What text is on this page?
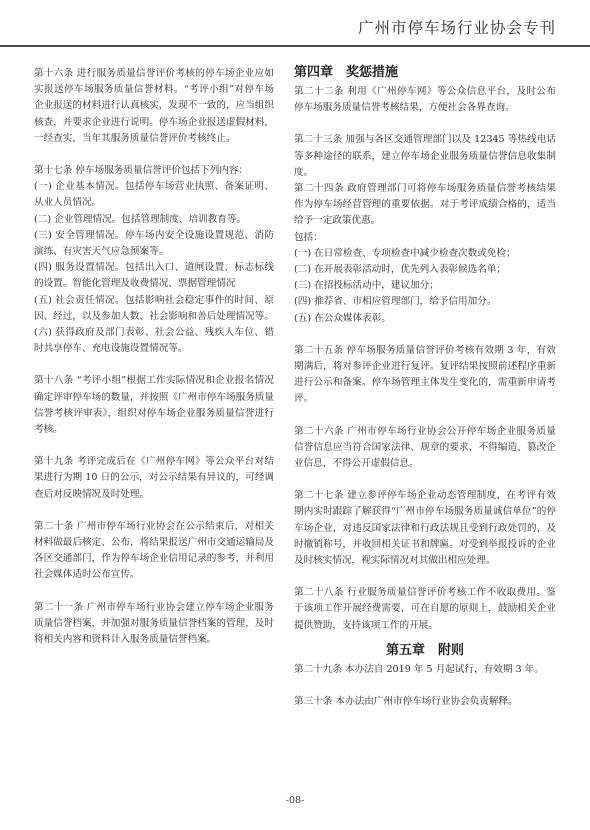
广州市停车场行业协会专刊

第十六条 进行服务质量信誉评价考核的停车场企业应如实报送停车场服务质量信誉材料。“考评小组”对停车场企业报送的材料进行认真核实，发现不一致的，应当组织核查，并要求企业进行说明。停车场企业报送虚假材料，一经查实，当年其服务质量信誉评价考核终止。

第十七条 停车场服务质量信誉评价包括下列内容：

(一) 企业基本情况。包括停车场营业执照、备案证明、从业人员情况。

(二) 企业管理情况。包括管理制度、培训教育等。

(三) 安全管理情况。停车场内安全设施设置规范、消防演练、有灾害天气应急预案等。

(四) 服务设置情况。包括出入口、道闸设置、标志标线的设置。智能化管理及收费情况、票据管理情况

(五) 社会责任情况。包括影响社会稳定事件的时间、原因、经过，以及参加人数、社会影响和善后处理情况等。

(六) 获得政府及部门表彰、社会公益、残疾人车位、错时共享停车、充电设施设置情况等。

第十八条 “考评小组”根据工作实际情况和企业报名情况确定评审停车场的数量，并按照《广州市停车场服务质量信誉考核评审表》，组织对停车场企业服务质量信誉进行考核。

第十九条 考评完成后在《广州停车网》等公众平台对结果进行为期 10 日的公示，对公示结果有异议的，可经调查后对反映情况及时处理。

第二十条 广州市停车场行业协会在公示结束后，对相关材料做最后核定、公布，将结果报送广州市交通运输局及各区交通部门，作为停车场企业信用记录的参考，并利用社会媒体适时公布宣传。

第二十一条 广州市停车场行业协会建立停车场企业服务质量信誉档案，并加强对服务质量信誉档案的管理，及时将相关内容和资料计入服务质量信誉档案。

第四章　奖惩措施

第二十二条 利用《广州停车网》等公众信息平台，及时公布停车场服务质量信誉考核结果，方便社会各界查询。

第二十三条 加强与各区交通管理部门以及 12345 等热线电话等多种途径的联系，建立停车场企业服务质量信誉信息收集制度。

第二十四条 政府管理部门可将停车场服务质量信誉考核结果作为停车场经营管理的重要依据。对于考评成绩合格的，适当给予一定政策优惠。

包括：

(一) 在日常检查、专项检查中减少检查次数或免检；

(二) 在开展表彰活动时，优先列入表彰候选名单；

(三) 在招投标活动中，建议加分；

(四) 推荐省、市相应管理部门，给予信用加分。

(五) 在公众媒体表彰。

第二十五条 停车场服务质量信誉评价考核有效期 3 年，有效期满后，将对参评企业进行复评。复评结果按照前述程序重新进行公示和备案。停车场管理主体发生变化的，需重新申请考评。

第二十六条 广州市停车场行业协会公开停车场企业服务质量信誉信息应当符合国家法律、规章的要求，不得编造、篡改企业信息，不得公开虚假信息。

第二十七条 建立参评停车场企业动态管理制度，在考评有效期内实时跟踪了解获得“广州市停车场服务质量诚信单位”的停车场企业，对违反国家法律和行政法规且受到行政处罚的，及时撤销称号，并收回相关证书和牌匾。对受到举报投诉的企业及时核实情况，视实际情况对其做出相应处理。

第二十八条 行业服务质量信誉评价考核工作不收取费用。鉴于该项工作开展经费需要，可在自愿的原则上，鼓励相关企业提供赞助，支持该项工作的开展。

第五章　附则

第二十九条 本办法自 2019 年 5 月起试行，有效期 3 年。

第三十条 本办法由广州市停车场行业协会负责解释。

-08-
